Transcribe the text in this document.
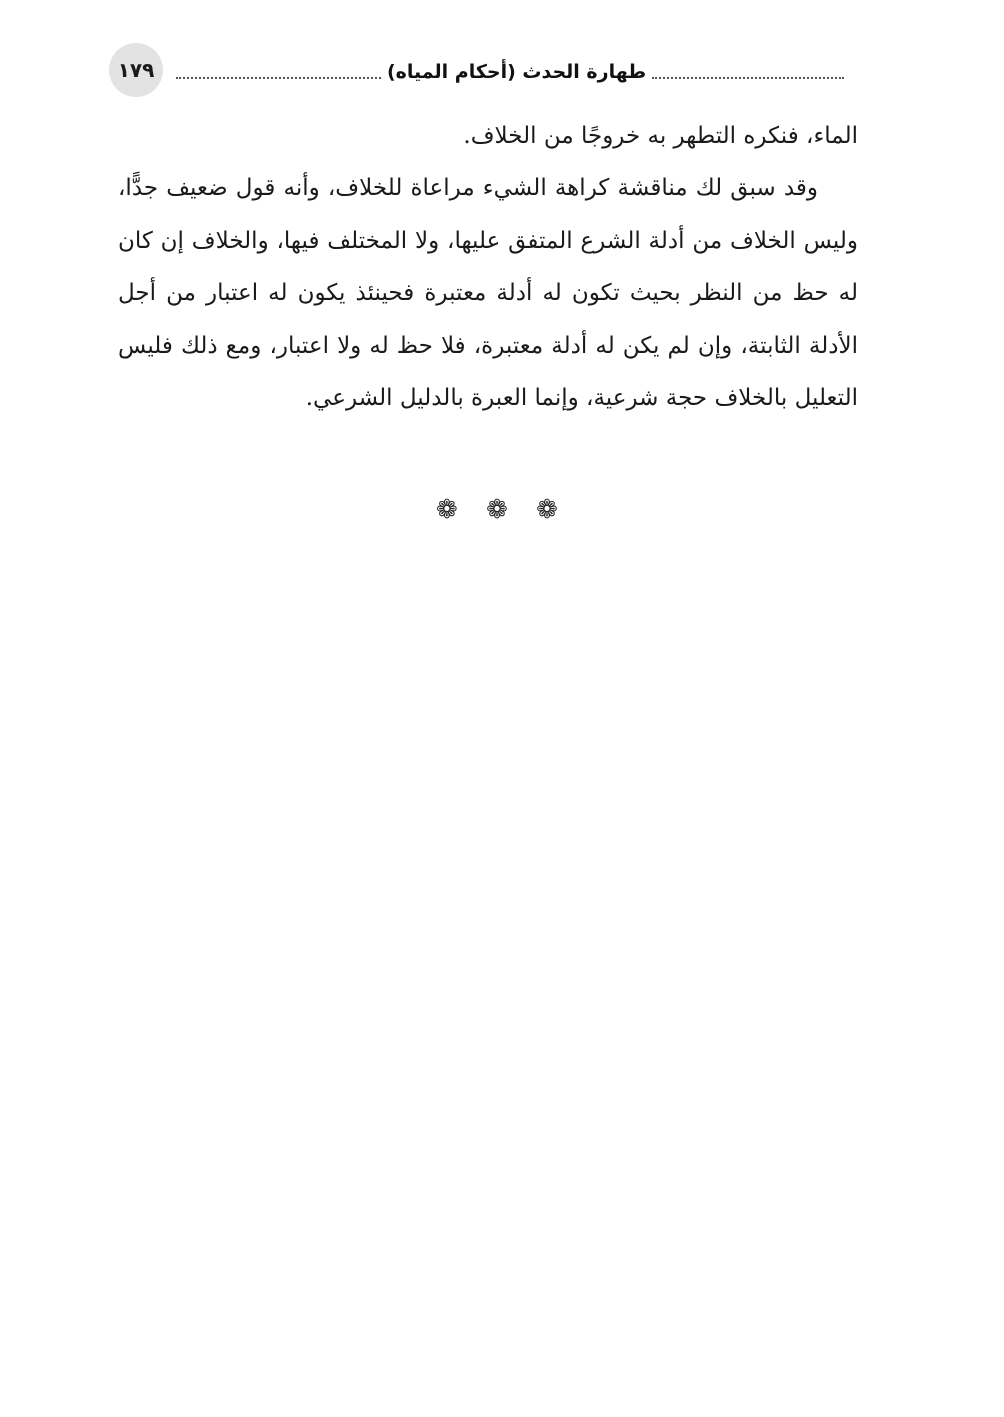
١٧٩	طهارة الحدث (أحكام المياه)

الماء، فنكره التطهر به خروجًا من الخلاف.

وقد سبق لك مناقشة كراهة الشيء مراعاة للخلاف، وأنه قول ضعيف جدًّا، وليس الخلاف من أدلة الشرع المتفق عليها، ولا المختلف فيها، والخلاف إن كان له حظ من النظر بحيث تكون له أدلة معتبرة فحينئذ يكون له اعتبار من أجل الأدلة الثابتة، وإن لم يكن له أدلة معتبرة، فلا حظ له ولا اعتبار، ومع ذلك فليس التعليل بالخلاف حجة شرعية، وإنما العبرة بالدليل الشرعي.

❁ ❁ ❁
